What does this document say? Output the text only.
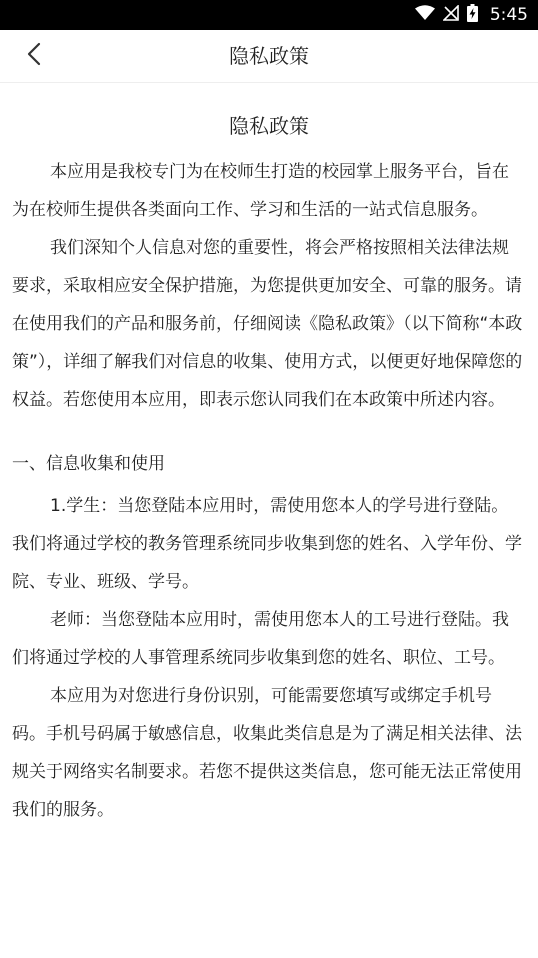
5:45
隐私政策
隐私政策

本应用是我校专门为在校师生打造的校园掌上服务平台，旨在为在校师生提供各类面向工作、学习和生活的一站式信息服务。

我们深知个人信息对您的重要性，将会严格按照相关法律法规要求，采取相应安全保护措施，为您提供更加安全、可靠的服务。请在使用我们的产品和服务前，仔细阅读《隐私政策》（以下简称“本政策”），详细了解我们对信息的收集、使用方式，以便更好地保障您的权益。若您使用本应用，即表示您认同我们在本政策中所述内容。

一、信息收集和使用

1.学生：当您登陆本应用时，需使用您本人的学号进行登陆。我们将通过学校的教务管理系统同步收集到您的姓名、入学年份、学院、专业、班级、学号。

老师：当您登陆本应用时，需使用您本人的工号进行登陆。我们将通过学校的人事管理系统同步收集到您的姓名、职位、工号。

本应用为对您进行身份识别，可能需要您填写或绑定手机号码。手机号码属于敏感信息，收集此类信息是为了满足相关法律、法规关于网络实名制要求。若您不提供这类信息，您可能无法正常使用我们的服务。
